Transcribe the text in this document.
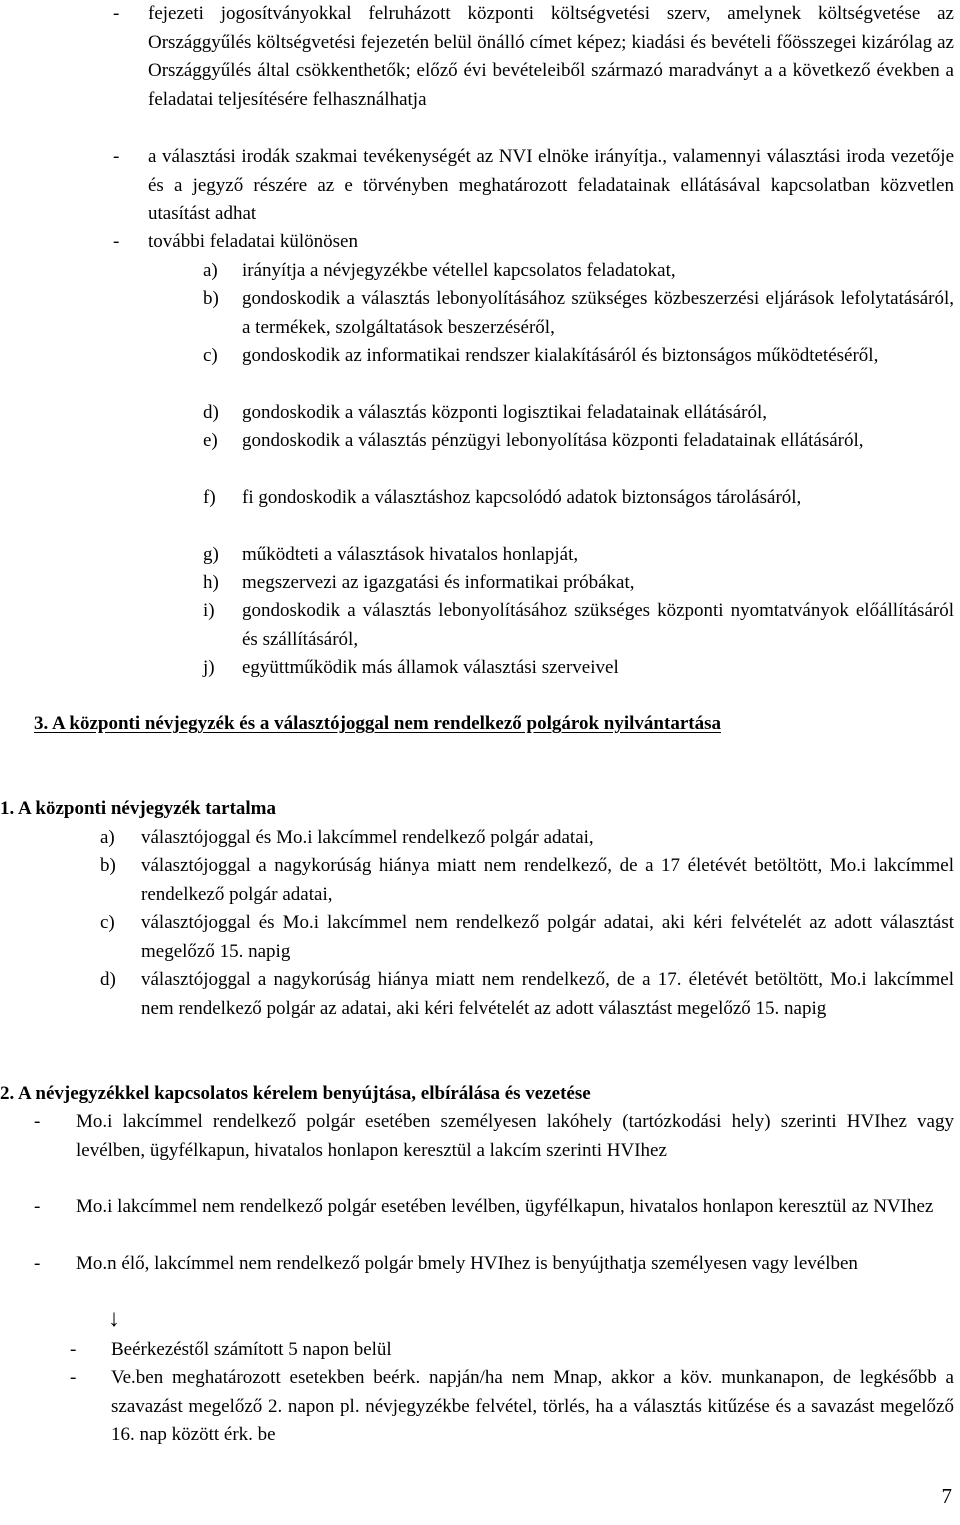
- fejezeti jogosítványokkal felruházott központi költségvetési szerv, amelynek költségvetése az Országgyűlés költségvetési fejezetén belül önálló címet képez; kiadási és bevételi főösszegei kizárólag az Országgyűlés által csökkenthetők; előző évi bevételeiből származó maradványt a a következő években a feladatai teljesítésére felhasználhatja
- a választási irodák szakmai tevékenységét az NVI elnöke irányítja., valamennyi választási iroda vezetője és a jegyző részére az e törvényben meghatározott feladatainak ellátásával kapcsolatban közvetlen utasítást adhat
- további feladatai különösen
a) irányítja a névjegyzékbe vétellel kapcsolatos feladatokat,
b) gondoskodik a választás lebonyolításához szükséges közbeszerzési eljárások lefolytatásáról, a termékek, szolgáltatások beszerzéséről,
c) gondoskodik az informatikai rendszer kialakításáról és biztonságos működtetéséről,
d) gondoskodik a választás központi logisztikai feladatainak ellátásáról,
e) gondoskodik a választás pénzügyi lebonyolítása központi feladatainak ellátásáról,
f) fi gondoskodik a választáshoz kapcsolódó adatok biztonságos tárolásáról,
g) működteti a választások hivatalos honlapját,
h) megszervezi az igazgatási és informatikai próbákat,
i) gondoskodik a választás lebonyolításához szükséges központi nyomtatványok előállításáról és szállításáról,
j) együttműködik más államok választási szerveivel
3. A központi névjegyzék és a választójoggal nem rendelkező polgárok nyilvántartása
1. A központi névjegyzék tartalma
a) választójoggal és Mo.i lakcímmel rendelkező polgár adatai,
b) választójoggal a nagykorúság hiánya miatt nem rendelkező, de a 17 életévét betöltött, Mo.i lakcímmel rendelkező polgár adatai,
c) választójoggal és Mo.i lakcímmel nem rendelkező polgár adatai, aki kéri felvételét az adott választást megelőző 15. napig
d) választójoggal a nagykorúság hiánya miatt nem rendelkező, de a 17. életévét betöltött, Mo.i lakcímmel nem rendelkező polgár az adatai, aki kéri felvételét az adott választást megelőző 15. napig
2. A névjegyzékkel kapcsolatos kérelem benyújtása, elbírálása és vezetése
- Mo.i lakcímmel rendelkező polgár esetében személyesen lakóhely (tartózkodási hely) szerinti HVIhez vagy levélben, ügyfélkapun, hivatalos honlapon keresztül a lakcím szerinti HVIhez
- Mo.i lakcímmel nem rendelkező polgár esetében levélben, ügyfélkapun, hivatalos honlapon keresztül az NVIhez
- Mo.n élő, lakcímmel nem rendelkező polgár bmely HVIhez is benyújthatja személyesen vagy levélben
↓
- Beérkezéstől számított 5 napon belül
- Ve.ben meghatározott esetekben beérk. napján/ha nem Mnap, akkor a köv. munkanapon, de legkésőbb a szavazást megelőző 2. napon pl. névjegyzékbe felvétel, törlés, ha a választás kitűzése és a savazást megelőző 16. nap között érk. be
7
